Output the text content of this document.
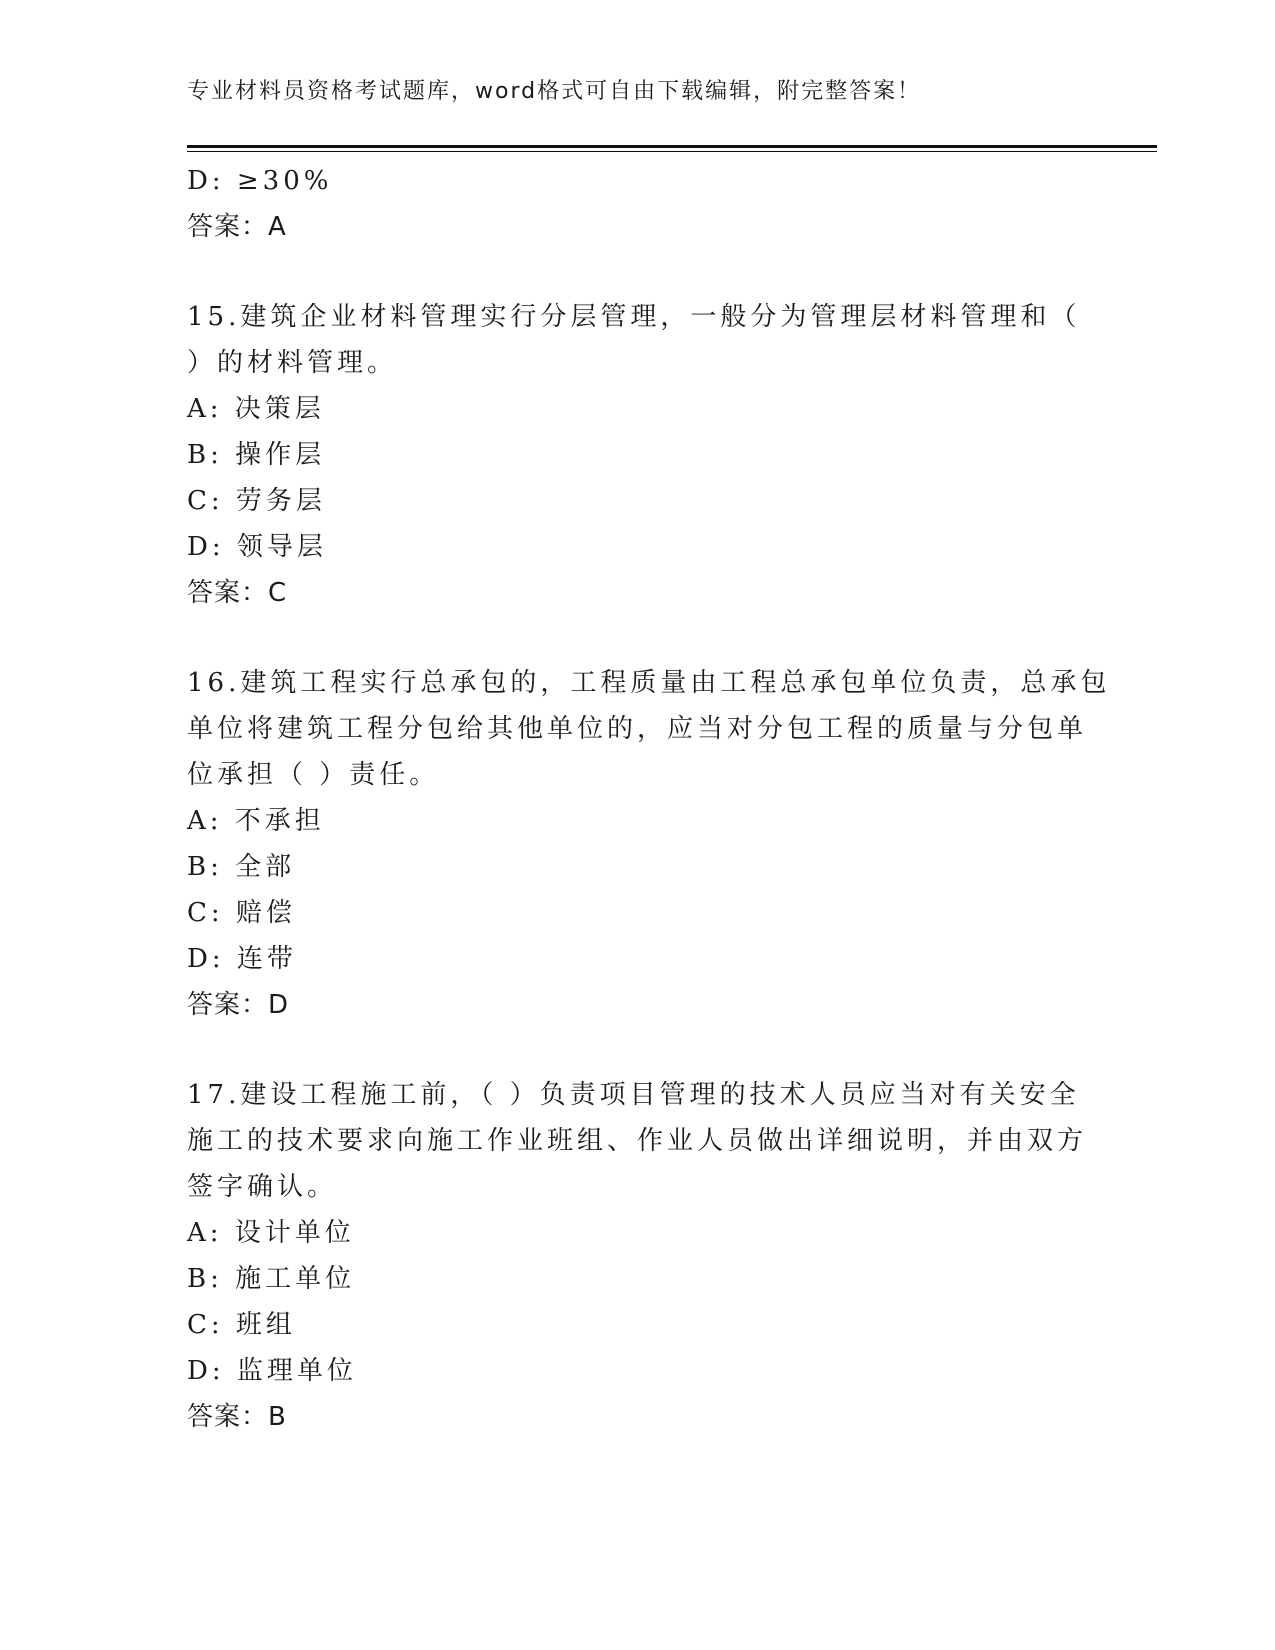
专业材料员资格考试题库，word格式可自由下载编辑，附完整答案！
D: ≥30%
答案：A
15.建筑企业材料管理实行分层管理，一般分为管理层材料管理和（
）的材料管理。
A: 决策层
B: 操作层
C: 劳务层
D: 领导层
答案：C
16.建筑工程实行总承包的，工程质量由工程总承包单位负责，总承包
单位将建筑工程分包给其他单位的，应当对分包工程的质量与分包单
位承担（ ）责任。
A: 不承担
B: 全部
C: 赔偿
D: 连带
答案：D
17.建设工程施工前，（ ）负责项目管理的技术人员应当对有关安全
施工的技术要求向施工作业班组、作业人员做出详细说明，并由双方
签字确认。
A: 设计单位
B: 施工单位
C: 班组
D: 监理单位
答案：B
